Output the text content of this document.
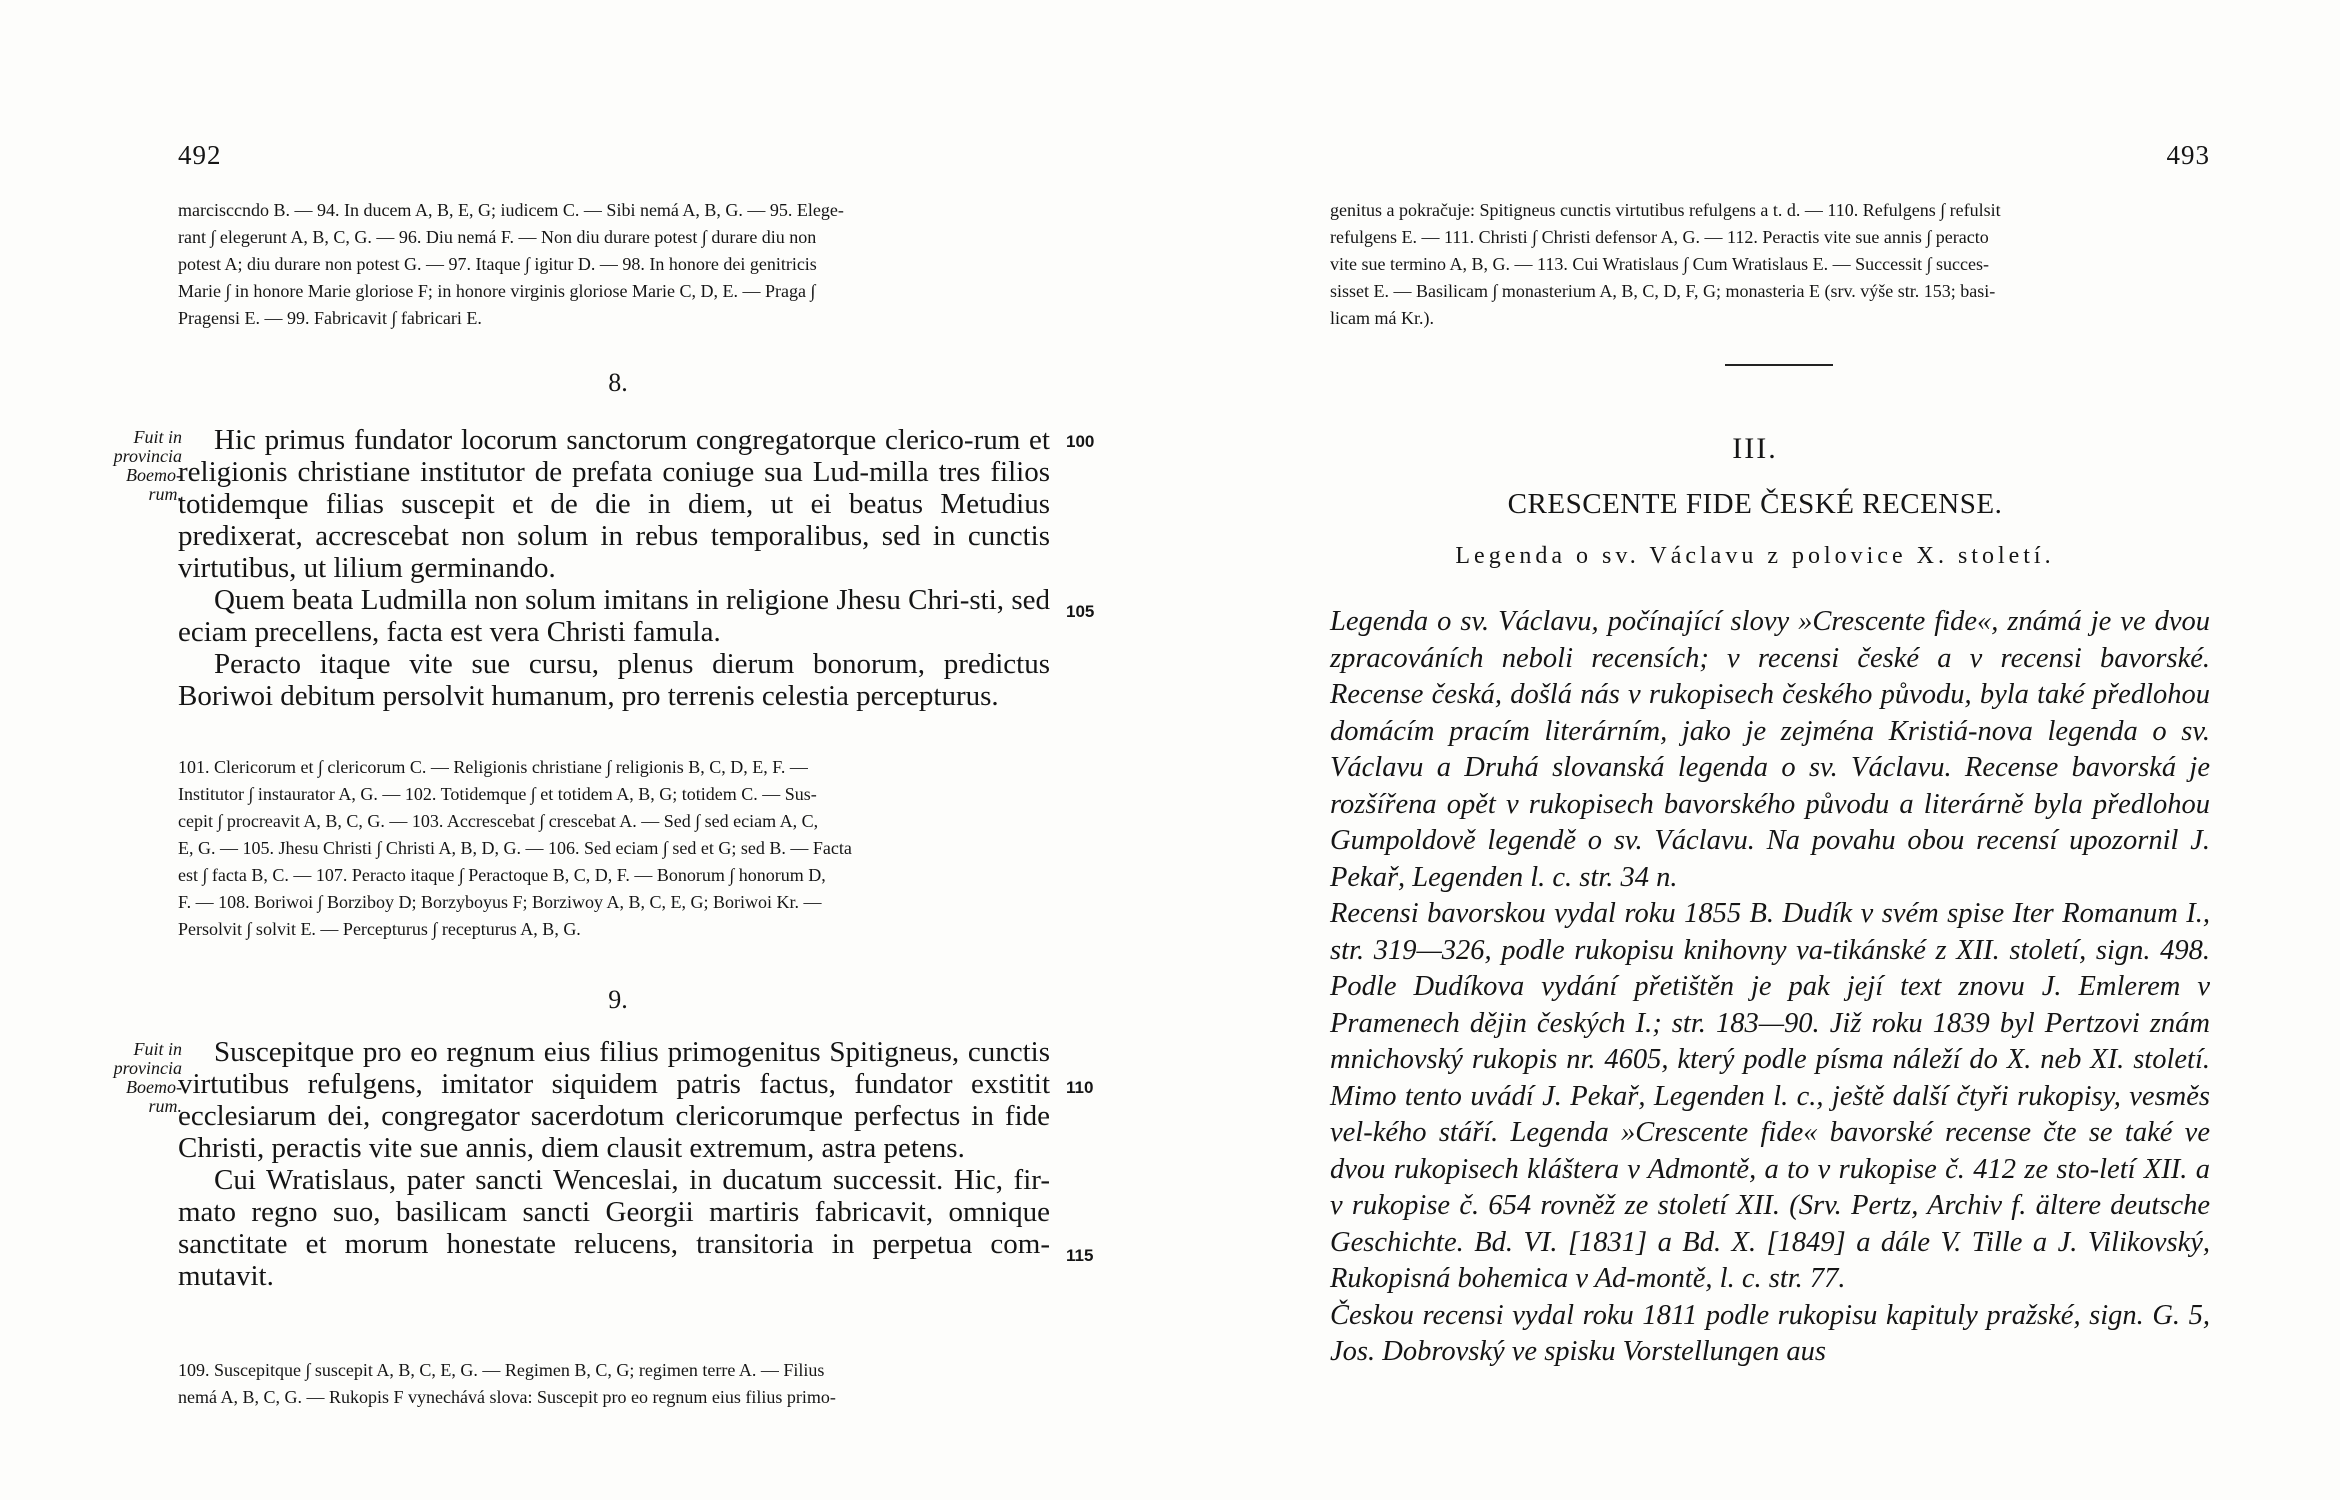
492

marcisccndo B. — 94. In ducem A, B, E, G; iudicem C. — Sibi nemá A, B, G. — 95. Elege-

rant ∫ elegerunt A, B, C, G. — 96. Diu nemá F. — Non diu durare potest ∫ durare diu non

potest A; diu durare non potest G. — 97. Itaque ∫ igitur D. — 98. In honore dei genitricis

Marie ∫ in honore Marie gloriose F; in honore virginis gloriose Marie C, D, E. — Praga ∫

Pragensi E. — 99. Fabricavit ∫ fabricari E.

8.
Fuit in
provincia
Boemo-
rum.

Hic primus fundator locorum sanctorum congregatorque clerico-rum et religionis christiane institutor de prefata coniuge sua Lud-milla tres filios totidemque filias suscepit et de die in diem, ut ei beatus Metudius predixerat, accrescebat non solum in rebus temporalibus, sed in cunctis virtutibus, ut lilium germinando.

Quem beata Ludmilla non solum imitans in religione Jhesu Chri-sti, sed eciam precellens, facta est vera Christi famula.

Peracto itaque vite sue cursu, plenus dierum bonorum, predictus Boriwoi debitum persolvit humanum, pro terrenis celestia percepturus.

100
105

101. Clericorum et ∫ clericorum C. — Religionis christiane ∫ religionis B, C, D, E, F. —

Institutor ∫ instaurator A, G. — 102. Totidemque ∫ et totidem A, B, G; totidem C. — Sus-

cepit ∫ procreavit A, B, C, G. — 103. Accrescebat ∫ crescebat A. — Sed ∫ sed eciam A, C,

E, G. — 105. Jhesu Christi ∫ Christi A, B, D, G. — 106. Sed eciam ∫ sed et G; sed B. — Facta

est ∫ facta B, C. — 107. Peracto itaque ∫ Peractoque B, C, D, F. — Bonorum ∫ honorum D,

F. — 108. Boriwoi ∫ Borziboy D; Borzyboyus F; Borziwoy A, B, C, E, G; Boriwoi Kr. —

Persolvit ∫ solvit E. — Percepturus ∫ recepturus A, B, G.

9.
Fuit in
provincia
Boemo-
rum.

Suscepitque pro eo regnum eius filius primogenitus Spitigneus, cunctis virtutibus refulgens, imitator siquidem patris factus, fundator exstitit ecclesiarum dei, congregator sacerdotum clericorumque perfectus in fide Christi, peractis vite sue annis, diem clausit extremum, astra petens.

Cui Wratislaus, pater sancti Wenceslai, in ducatum successit. Hic, fir-mato regno suo, basilicam sancti Georgii martiris fabricavit, omnique sanctitate et morum honestate relucens, transitoria in perpetua com-mutavit.

110
115

109. Suscepitque ∫ suscepit A, B, C, E, G. — Regimen B, C, G; regimen terre A. — Filius

nemá A, B, C, G. — Rukopis F vynechává slova: Suscepit pro eo regnum eius filius primo-

493

genitus a pokračuje: Spitigneus cunctis virtutibus refulgens a t. d. — 110. Refulgens ∫ refulsit

refulgens E. — 111. Christi ∫ Christi defensor A, G. — 112. Peractis vite sue annis ∫ peracto

vite sue termino A, B, G. — 113. Cui Wratislaus ∫ Cum Wratislaus E. — Successit ∫ succes-

sisset E. — Basilicam ∫ monasterium A, B, C, D, F, G; monasteria E (srv. výše str. 153; basi-

licam má Kr.).

III.
CRESCENTE FIDE ČESKÉ RECENSE.
Legenda o sv. Václavu z polovice X. století.

Legenda o sv. Václavu, počínající slovy »Crescente fide«, známá je ve dvou zpracováních neboli recensích; v recensi české a v recensi bavorské. Recense česká, došlá nás v rukopisech českého původu, byla také předlohou domácím pracím literárním, jako je zejména Kristiá-nova legenda o sv. Václavu a Druhá slovanská legenda o sv. Václavu. Recense bavorská je rozšířena opět v rukopisech bavorského původu a literárně byla předlohou Gumpoldově legendě o sv. Václavu. Na povahu obou recensí upozornil J. Pekař, Legenden l. c. str. 34 n.

Recensi bavorskou vydal roku 1855 B. Dudík v svém spise Iter Romanum I., str. 319—326, podle rukopisu knihovny va-tikánské z XII. století, sign. 498. Podle Dudíkova vydání přetištěn je pak její text znovu J. Emlerem v Pramenech dějin českých I.; str. 183—90. Již roku 1839 byl Pertzovi znám mnichovský rukopis nr. 4605, který podle písma náleží do X. neb XI. století. Mimo tento uvádí J. Pekař, Legenden l. c., ještě další čtyři rukopisy, vesměs vel-kého stáří. Legenda »Crescente fide« bavorské recense čte se také ve dvou rukopisech kláštera v Admontě, a to v rukopise č. 412 ze sto-letí XII. a v rukopise č. 654 rovněž ze století XII. (Srv. Pertz, Archiv f. ältere deutsche Geschichte. Bd. VI. [1831] a Bd. X. [1849] a dále V. Tille a J. Vilikovský, Rukopisná bohemica v Ad-montě, l. c. str. 77.

Českou recensi vydal roku 1811 podle rukopisu kapituly pražské, sign. G. 5, Jos. Dobrovský ve spisku Vorstellungen aus
